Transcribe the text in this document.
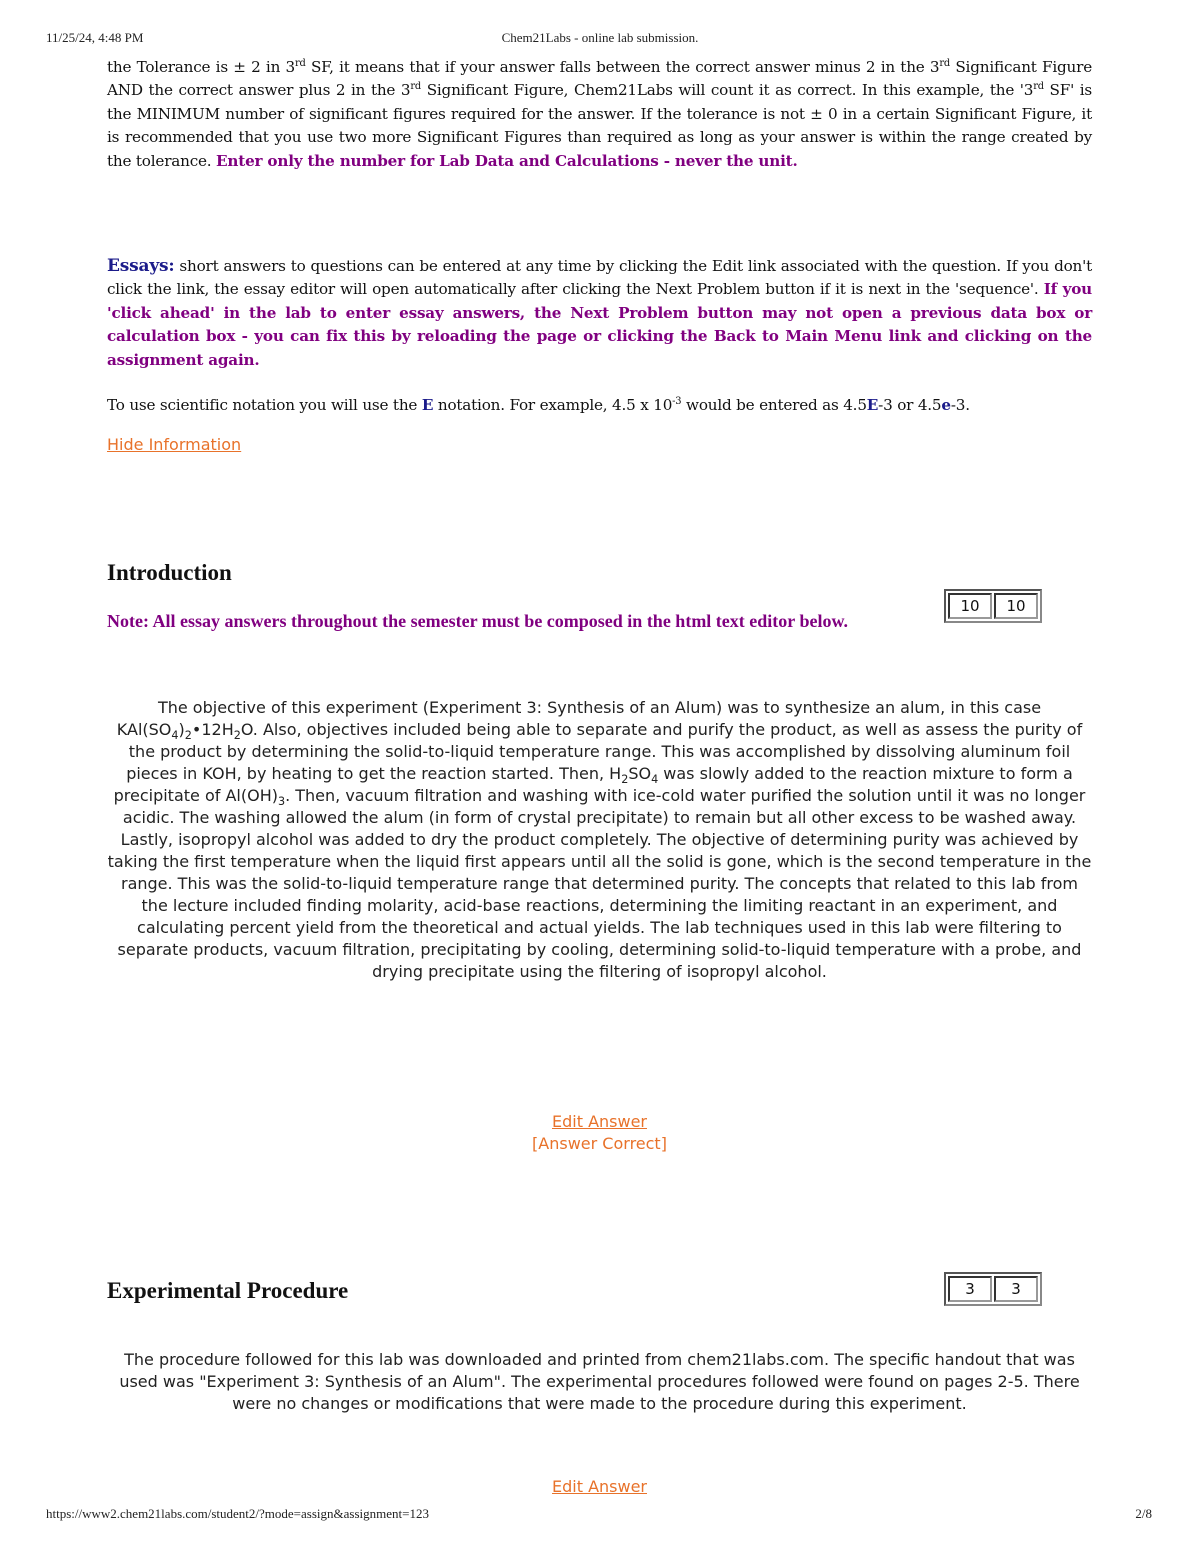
11/25/24, 4:48 PM	Chem21Labs - online lab submission.

the Tolerance is ± 2 in 3rd SF, it means that if your answer falls between the correct answer minus 2 in the 3rd Significant Figure AND the correct answer plus 2 in the 3rd Significant Figure, Chem21Labs will count it as correct. In this example, the '3rd SF' is the MINIMUM number of significant figures required for the answer. If the tolerance is not ± 0 in a certain Significant Figure, it is recommended that you use two more Significant Figures than required as long as your answer is within the range created by the tolerance. Enter only the number for Lab Data and Calculations - never the unit.

Essays: short answers to questions can be entered at any time by clicking the Edit link associated with the question. If you don't click the link, the essay editor will open automatically after clicking the Next Problem button if it is next in the 'sequence'. If you 'click ahead' in the lab to enter essay answers, the Next Problem button may not open a previous data box or calculation box - you can fix this by reloading the page or clicking the Back to Main Menu link and clicking on the assignment again.

To use scientific notation you will use the E notation. For example, 4.5 x $10^{-3}$ would be entered as 4.5E-3 or 4.5e-3.

Hide Information
Introduction
Note: All essay answers throughout the semester must be composed in the html text editor below.
10	10

The objective of this experiment (Experiment 3: Synthesis of an Alum) was to synthesize an alum, in this case $KAl(SO_4)_2•12H_2O$. Also, objectives included being able to separate and purify the product, as well as assess the purity of the product by determining the solid-to-liquid temperature range. This was accomplished by dissolving aluminum foil pieces in KOH, by heating to get the reaction started. Then, $H_2SO_4$ was slowly added to the reaction mixture to form a precipitate of $Al(OH)_3$. Then, vacuum filtration and washing with ice-cold water purified the solution until it was no longer acidic. The washing allowed the alum (in form of crystal precipitate) to remain but all other excess to be washed away. Lastly, isopropyl alcohol was added to dry the product completely. The objective of determining purity was achieved by taking the first temperature when the liquid first appears until all the solid is gone, which is the second temperature in the range. This was the solid-to-liquid temperature range that determined purity. The concepts that related to this lab from the lecture included finding molarity, acid-base reactions, determining the limiting reactant in an experiment, and calculating percent yield from the theoretical and actual yields. The lab techniques used in this lab were filtering to separate products, vacuum filtration, precipitating by cooling, determining solid-to-liquid temperature with a probe, and drying precipitate using the filtering of isopropyl alcohol.

Edit Answer
[Answer Correct]
Experimental Procedure	3	3

The procedure followed for this lab was downloaded and printed from chem21labs.com. The specific handout that was used was "Experiment 3: Synthesis of an Alum". The experimental procedures followed were found on pages 2-5. There were no changes or modifications that were made to the procedure during this experiment.

Edit Answer
https://www2.chem21labs.com/student2/?mode=assign&assignment=123	2/8
